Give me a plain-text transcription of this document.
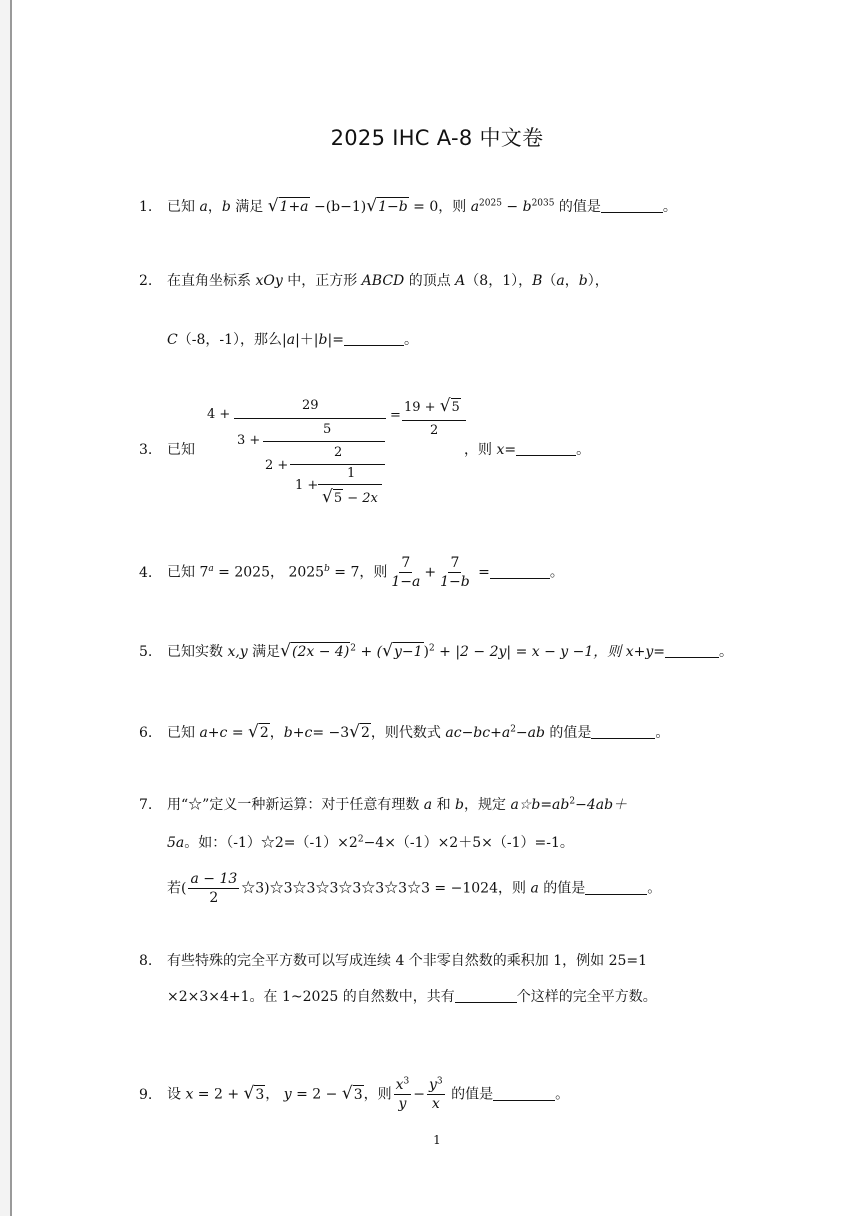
2025 IHC A-8 中文卷
1. 已知 a，b 满足 √1+a −(b−1)√1−b = 0，则 $a^{2025} - b^{2035}$ 的值是	。
2. 在直角坐标系 xOy 中，正方形 ABCD 的顶点 A（8，1），B（a，b），
C（-8，-1），那么|a|＋|b|=	。
3. 已知
4 +
29
3 +
5
2 +
2
1 +
1
√5 − 2x
=
19 + √5
2
，则 x=	。
4. 已知 $7^a = 2025$， $2025^b = 7$，则 $\frac{7}{1-a} + \frac{7}{1-b}$ =	。
5. 已知实数 x,y 满足$√(2x - 4)^2 + (√y-1)^2 + |2 - 2y| = x - y -1$，则 x+y=	。
6. 已知 a+c = √2，b+c= −3√2，则代数式 $ac-bc+a^2-ab$ 的值是	。
7. 用“☆”定义一种新运算：对于任意有理数 a 和 b，规定 $a☆b=ab^2-4ab+$
5a。如：$(-1)☆2=(-1)\times 2^2-4\times(-1)\times 2+5\times(-1)=-1$。
若( $\frac{a - 13}{2}$ ☆3)☆3☆3☆3☆3☆3☆3☆3 = −1024，则 a 的值是	。
8. 有些特殊的完全平方数可以写成连续 4 个非零自然数的乘积加 1，例如 25=1
×2×3×4+1。在 1~2025 的自然数中，共有	个这样的完全平方数。
9. 设 x = 2 + √3， y = 2 − √3，则 $\frac{x^3}{y} - \frac{y^3}{x}$ 的值是	。
1
